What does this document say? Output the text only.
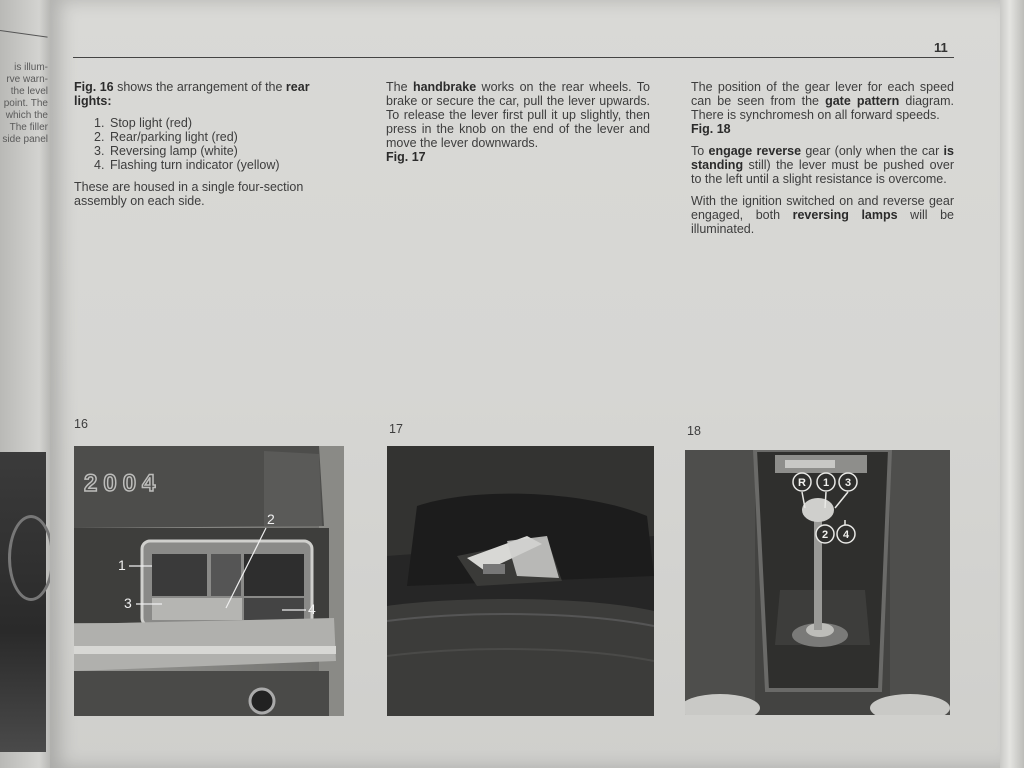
is illum-
rve warn-
the level
point. The
which the
The filler
side panel
11

Fig. 16 shows the arrangement of the rear lights:

1. Stop light (red)
2. Rear/parking light (red)
3. Reversing lamp (white)
4. Flashing turn indicator (yellow)

These are housed in a single four-section assembly on each side.

The handbrake works on the rear wheels. To brake or secure the car, pull the lever upwards. To release the lever first pull it up slightly, then press in the knob on the end of the lever and move the lever downwards.
Fig. 17

The position of the gear lever for each speed can be seen from the gate pattern diagram. There is synchromesh on all forward speeds.
Fig. 18

To engage reverse gear (only when the car is standing still) the lever must be pushed over to the left until a slight resistance is overcome.

With the ignition switched on and reverse gear engaged, both reversing lamps will be illuminated.

16	17	18
2004
1
2
3	4
R 1 3
2 4
